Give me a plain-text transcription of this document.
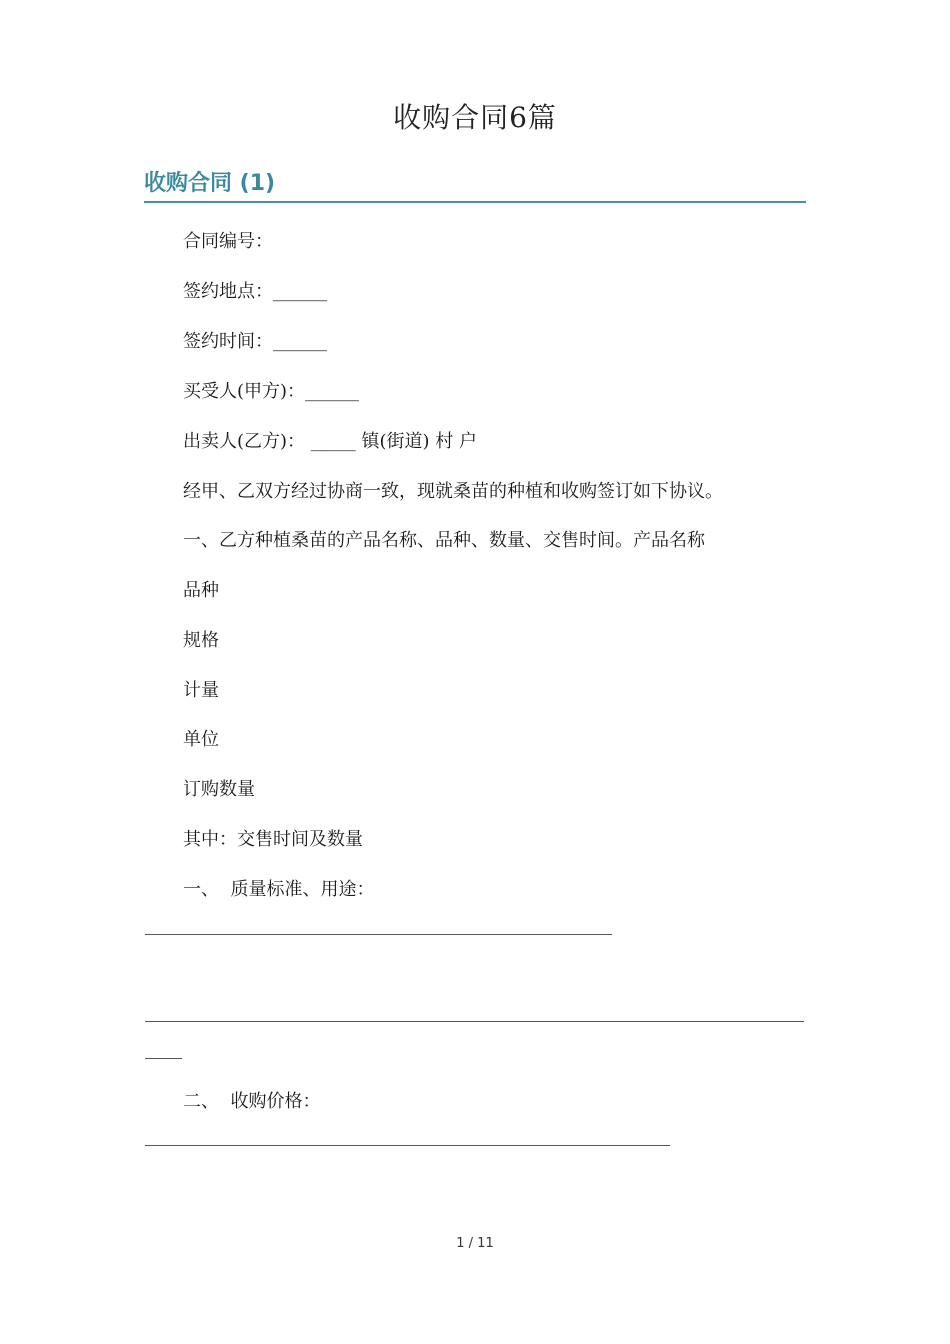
收购合同6篇
收购合同 (1)
合同编号：
签约地点：______
签约时间：______
买受人(甲方)：______
出卖人(乙方)： _____ 镇(街道) 村 户
经甲、乙双方经过协商一致，现就桑苗的种植和收购签订如下协议。
一、乙方种植桑苗的产品名称、品种、数量、交售时间。产品名称
品种
规格
计量
单位
订购数量
其中：交售时间及数量
一、  质量标准、用途：
二、  收购价格：
1 / 11
